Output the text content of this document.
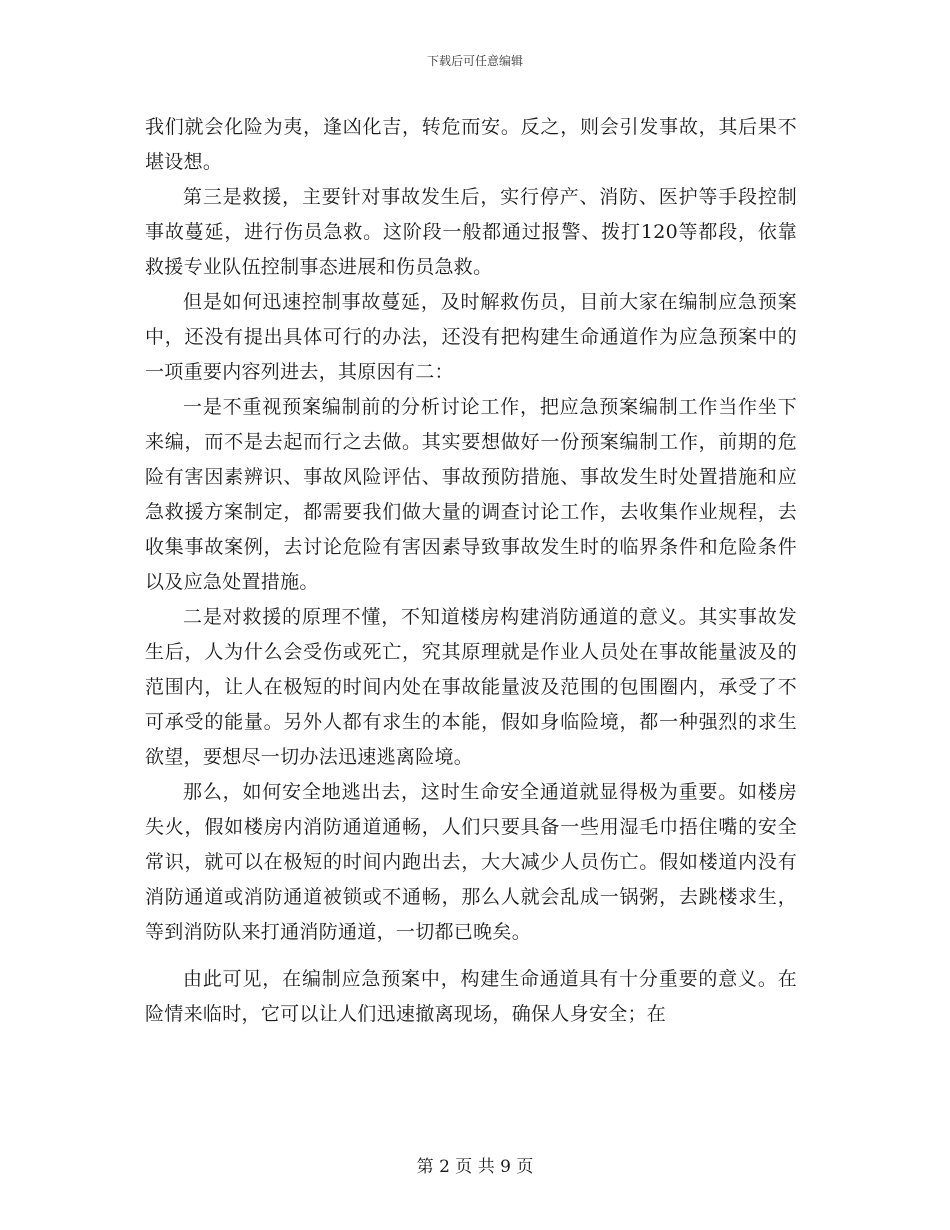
下载后可任意编辑

我们就会化险为夷，逢凶化吉，转危而安。反之，则会引发事故，其后果不堪设想。

第三是救援，主要针对事故发生后，实行停产、消防、医护等手段控制事故蔓延，进行伤员急救。这阶段一般都通过报警、拨打120等都段，依靠救援专业队伍控制事态进展和伤员急救。

但是如何迅速控制事故蔓延，及时解救伤员，目前大家在编制应急预案中，还没有提出具体可行的办法，还没有把构建生命通道作为应急预案中的一项重要内容列进去，其原因有二：

一是不重视预案编制前的分析讨论工作，把应急预案编制工作当作坐下来编，而不是去起而行之去做。其实要想做好一份预案编制工作，前期的危险有害因素辨识、事故风险评估、事故预防措施、事故发生时处置措施和应急救援方案制定，都需要我们做大量的调查讨论工作，去收集作业规程，去收集事故案例，去讨论危险有害因素导致事故发生时的临界条件和危险条件以及应急处置措施。

二是对救援的原理不懂，不知道楼房构建消防通道的意义。其实事故发生后，人为什么会受伤或死亡，究其原理就是作业人员处在事故能量波及的范围内，让人在极短的时间内处在事故能量波及范围的包围圈内，承受了不可承受的能量。另外人都有求生的本能，假如身临险境，都一种强烈的求生欲望，要想尽一切办法迅速逃离险境。

那么，如何安全地逃出去，这时生命安全通道就显得极为重要。如楼房失火，假如楼房内消防通道通畅，人们只要具备一些用湿毛巾捂住嘴的安全常识，就可以在极短的时间内跑出去，大大减少人员伤亡。假如楼道内没有消防通道或消防通道被锁或不通畅，那么人就会乱成一锅粥，去跳楼求生，等到消防队来打通消防通道，一切都已晚矣。

由此可见，在编制应急预案中，构建生命通道具有十分重要的意义。在险情来临时，它可以让人们迅速撤离现场，确保人身安全；在

第 2 页 共 9 页
